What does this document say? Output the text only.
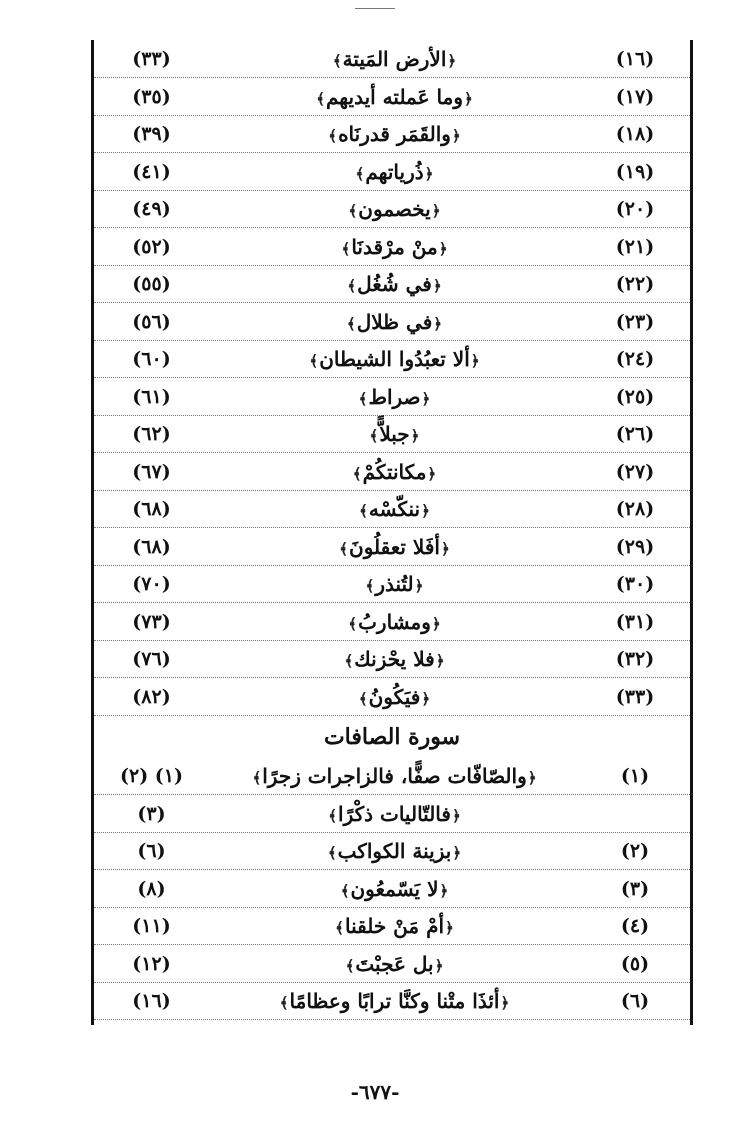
(٣٣)	﴿الأرض المَيتة﴾	(١٦)
(٣٥)	﴿وما عَملته أيديهم﴾	(١٧)
(٣٩)	﴿والقَمَر قدرنَاه﴾	(١٨)
(٤١)	﴿ذُرياتهم﴾	(١٩)
(٤٩)	﴿يخصمون﴾	(٢٠)
(٥٢)	﴿منْ مرْقدنَا﴾	(٢١)
(٥٥)	﴿في شُغُل﴾	(٢٢)
(٥٦)	﴿في ظلال﴾	(٢٣)
(٦٠)	﴿ألا تعبُدُوا الشيطان﴾	(٢٤)
(٦١)	﴿صراط﴾	(٢٥)
(٦٢)	﴿جبلاًّ﴾	(٢٦)
(٦٧)	﴿مكانتكُمْ﴾	(٢٧)
(٦٨)	﴿ننكّسْه﴾	(٢٨)
(٦٨)	﴿أفَلا تعقلُونَ﴾	(٢٩)
(٧٠)	﴿لتُنذر﴾	(٣٠)
(٧٣)	﴿ومشاربُ﴾	(٣١)
(٧٦)	﴿فلا يحْزنك﴾	(٣٢)
(٨٢)	﴿فيَكُونُ﴾	(٣٣)
سورة الصافات
(١) (٢)	﴿والصّافّات صفًّا، فالزاجرات زجرًا﴾	(١)
(٣)	﴿فالتّاليات ذكْرًا﴾
(٦)	﴿بزينة الكواكب﴾	(٢)
(٨)	﴿لا يَسّمعُون﴾	(٣)
(١١)	﴿أمْ مَنْ خلقنا﴾	(٤)
(١٢)	﴿بل عَجبْتَ﴾	(٥)
(١٦)	﴿أئذَا متْنا وكنَّا ترابًا وعظامًا﴾	(٦)
-٦٧٧-
